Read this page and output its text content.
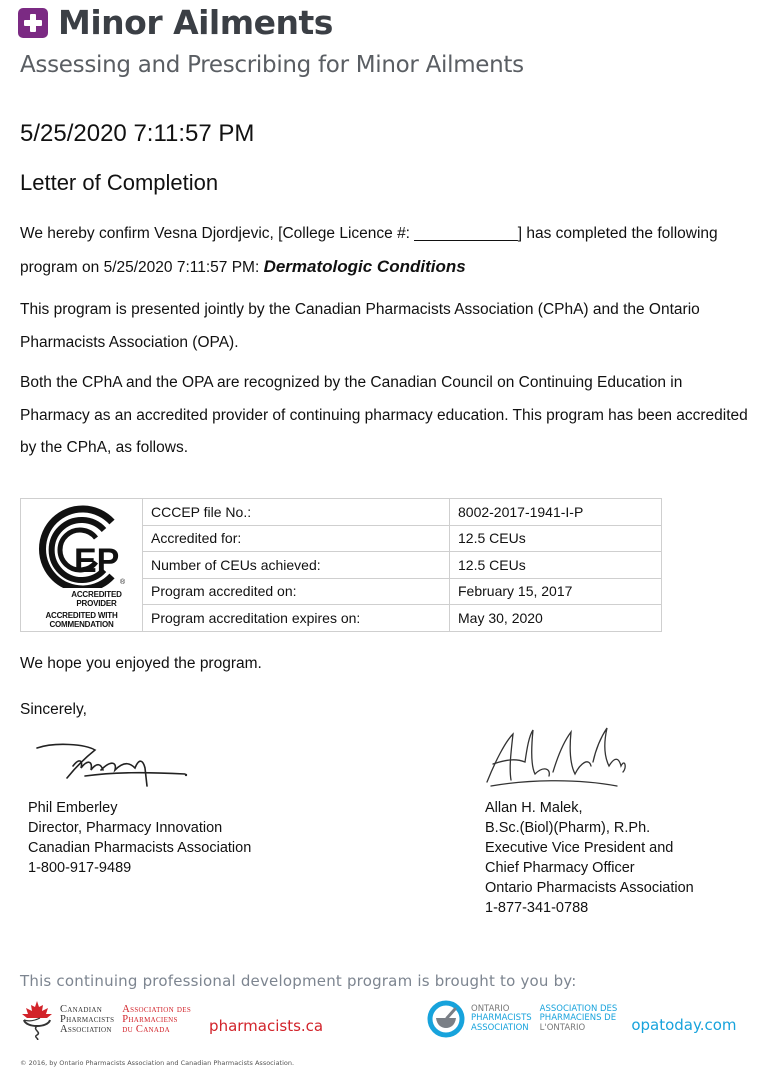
Minor Ailments
Assessing and Prescribing for Minor Ailments
5/25/2020 7:11:57 PM
Letter of Completion
We hereby confirm Vesna Djordjevic, [College Licence #: ____________] has completed the following program on 5/25/2020 7:11:57 PM: Dermatologic Conditions
This program is presented jointly by the Canadian Pharmacists Association (CPhA) and the Ontario Pharmacists Association (OPA).
Both the CPhA and the OPA are recognized by the Canadian Council on Continuing Education in Pharmacy as an accredited provider of continuing pharmacy education. This program has been accredited by the CPhA, as follows.
EP
®
ACCREDITED
PROVIDER
ACCREDITED WITH
COMMENDATION
	CCCEP file No.:	8002-2017-1941-I-P
	Accredited for:	12.5 CEUs
	Number of CEUs achieved:	12.5 CEUs
	Program accredited on:	February 15, 2017
	Program accreditation expires on:	May 30, 2020
We hope you enjoyed the program.
Sincerely,
Phil Emberley
Director, Pharmacy Innovation
Canadian Pharmacists Association
1-800-917-9489
Allan H. Malek,
B.Sc.(Biol)(Pharm), R.Ph.
Executive Vice President and
Chief Pharmacy Officer
Ontario Pharmacists Association
1-877-341-0788
This continuing professional development program is brought to you by:
Canadian
Pharmacists
Association
Association des
Pharmaciens
du Canada	pharmacists.ca
ONTARIO
PHARMACISTS
ASSOCIATION
ASSOCIATION DES
PHARMACIENS DE
L'ONTARIO	opatoday.com
© 2016, by Ontario Pharmacists Association and Canadian Pharmacists Association.
